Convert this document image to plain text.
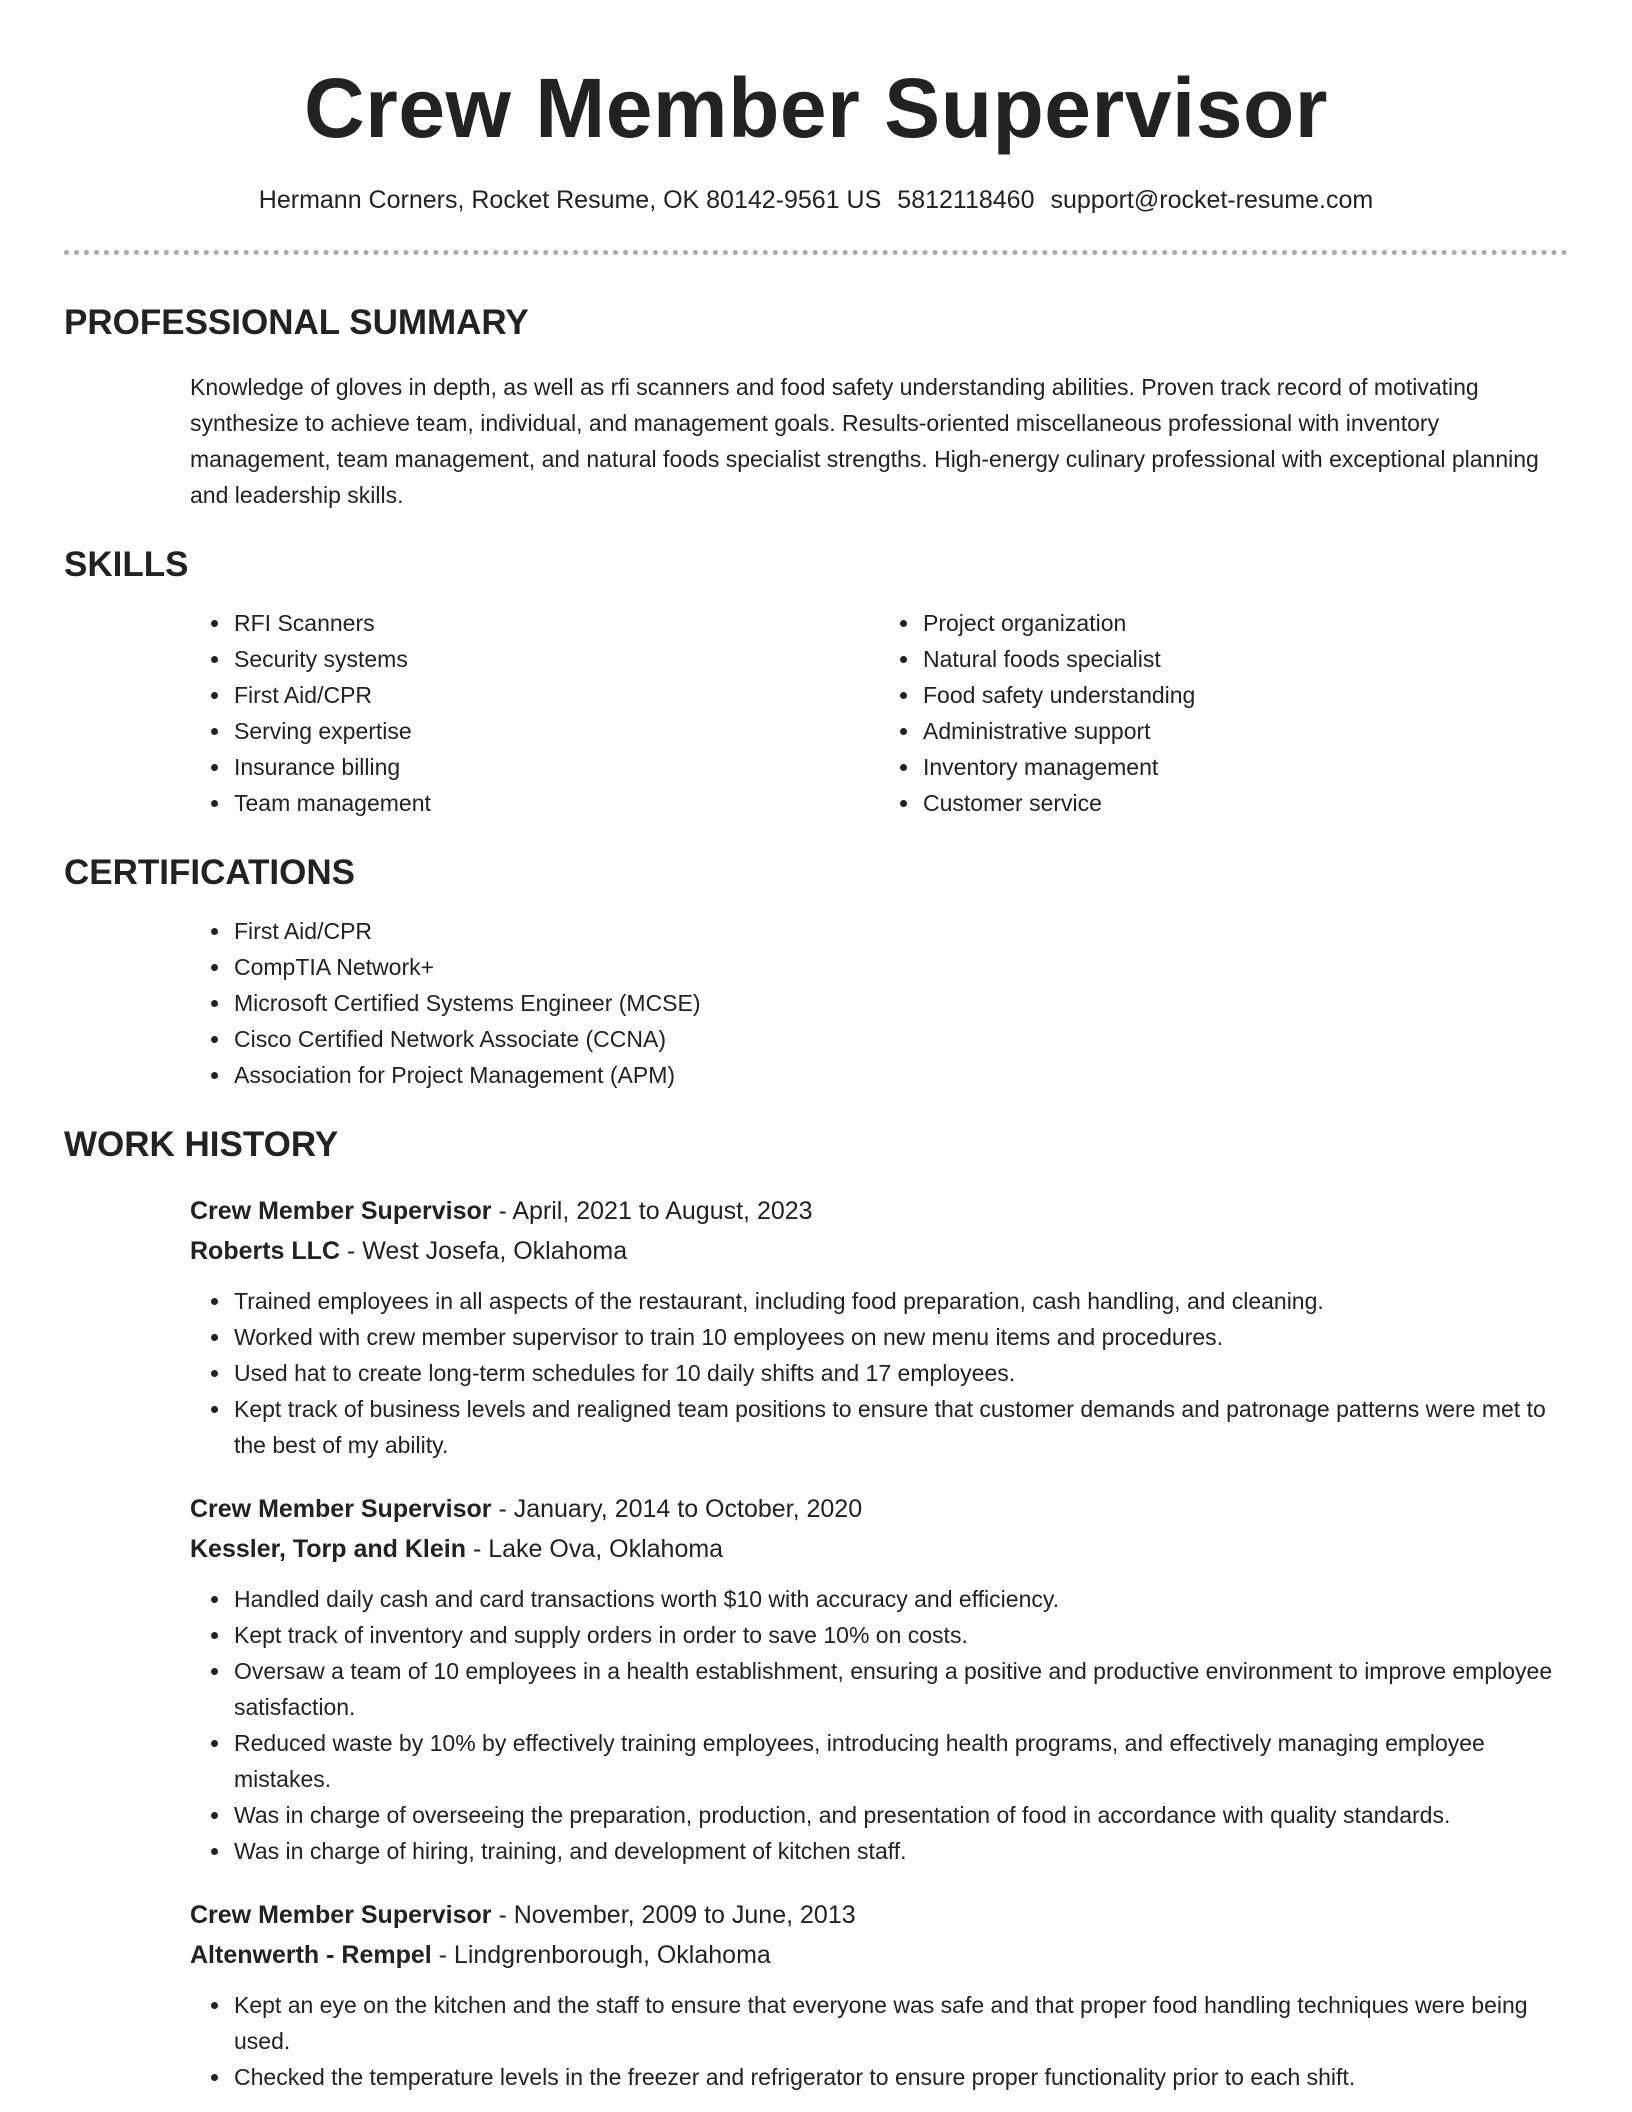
Crew Member Supervisor
Hermann Corners, Rocket Resume, OK 80142-9561 US 5812118460 support@rocket-resume.com
PROFESSIONAL SUMMARY

Knowledge of gloves in depth, as well as rfi scanners and food safety understanding abilities. Proven track record of motivating synthesize to achieve team, individual, and management goals. Results-oriented miscellaneous professional with inventory management, team management, and natural foods specialist strengths. High-energy culinary professional with exceptional planning and leadership skills.

SKILLS
• RFI Scanners
• Security systems
• First Aid/CPR
• Serving expertise
• Insurance billing
• Team management
• Project organization
• Natural foods specialist
• Food safety understanding
• Administrative support
• Inventory management
• Customer service
CERTIFICATIONS
• First Aid/CPR
• CompTIA Network+
• Microsoft Certified Systems Engineer (MCSE)
• Cisco Certified Network Associate (CCNA)
• Association for Project Management (APM)
WORK HISTORY
Crew Member Supervisor - April, 2021 to August, 2023
Roberts LLC - West Josefa, Oklahoma
• Trained employees in all aspects of the restaurant, including food preparation, cash handling, and cleaning.
• Worked with crew member supervisor to train 10 employees on new menu items and procedures.
• Used hat to create long-term schedules for 10 daily shifts and 17 employees.
• Kept track of business levels and realigned team positions to ensure that customer demands and patronage patterns were met to the best of my ability.
Crew Member Supervisor - January, 2014 to October, 2020
Kessler, Torp and Klein - Lake Ova, Oklahoma
• Handled daily cash and card transactions worth $10 with accuracy and efficiency.
• Kept track of inventory and supply orders in order to save 10% on costs.
• Oversaw a team of 10 employees in a health establishment, ensuring a positive and productive environment to improve employee satisfaction.
• Reduced waste by 10% by effectively training employees, introducing health programs, and effectively managing employee mistakes.
• Was in charge of overseeing the preparation, production, and presentation of food in accordance with quality standards.
• Was in charge of hiring, training, and development of kitchen staff.
Crew Member Supervisor - November, 2009 to June, 2013
Altenwerth - Rempel - Lindgrenborough, Oklahoma
• Kept an eye on the kitchen and the staff to ensure that everyone was safe and that proper food handling techniques were being used.
• Checked the temperature levels in the freezer and refrigerator to ensure proper functionality prior to each shift.
